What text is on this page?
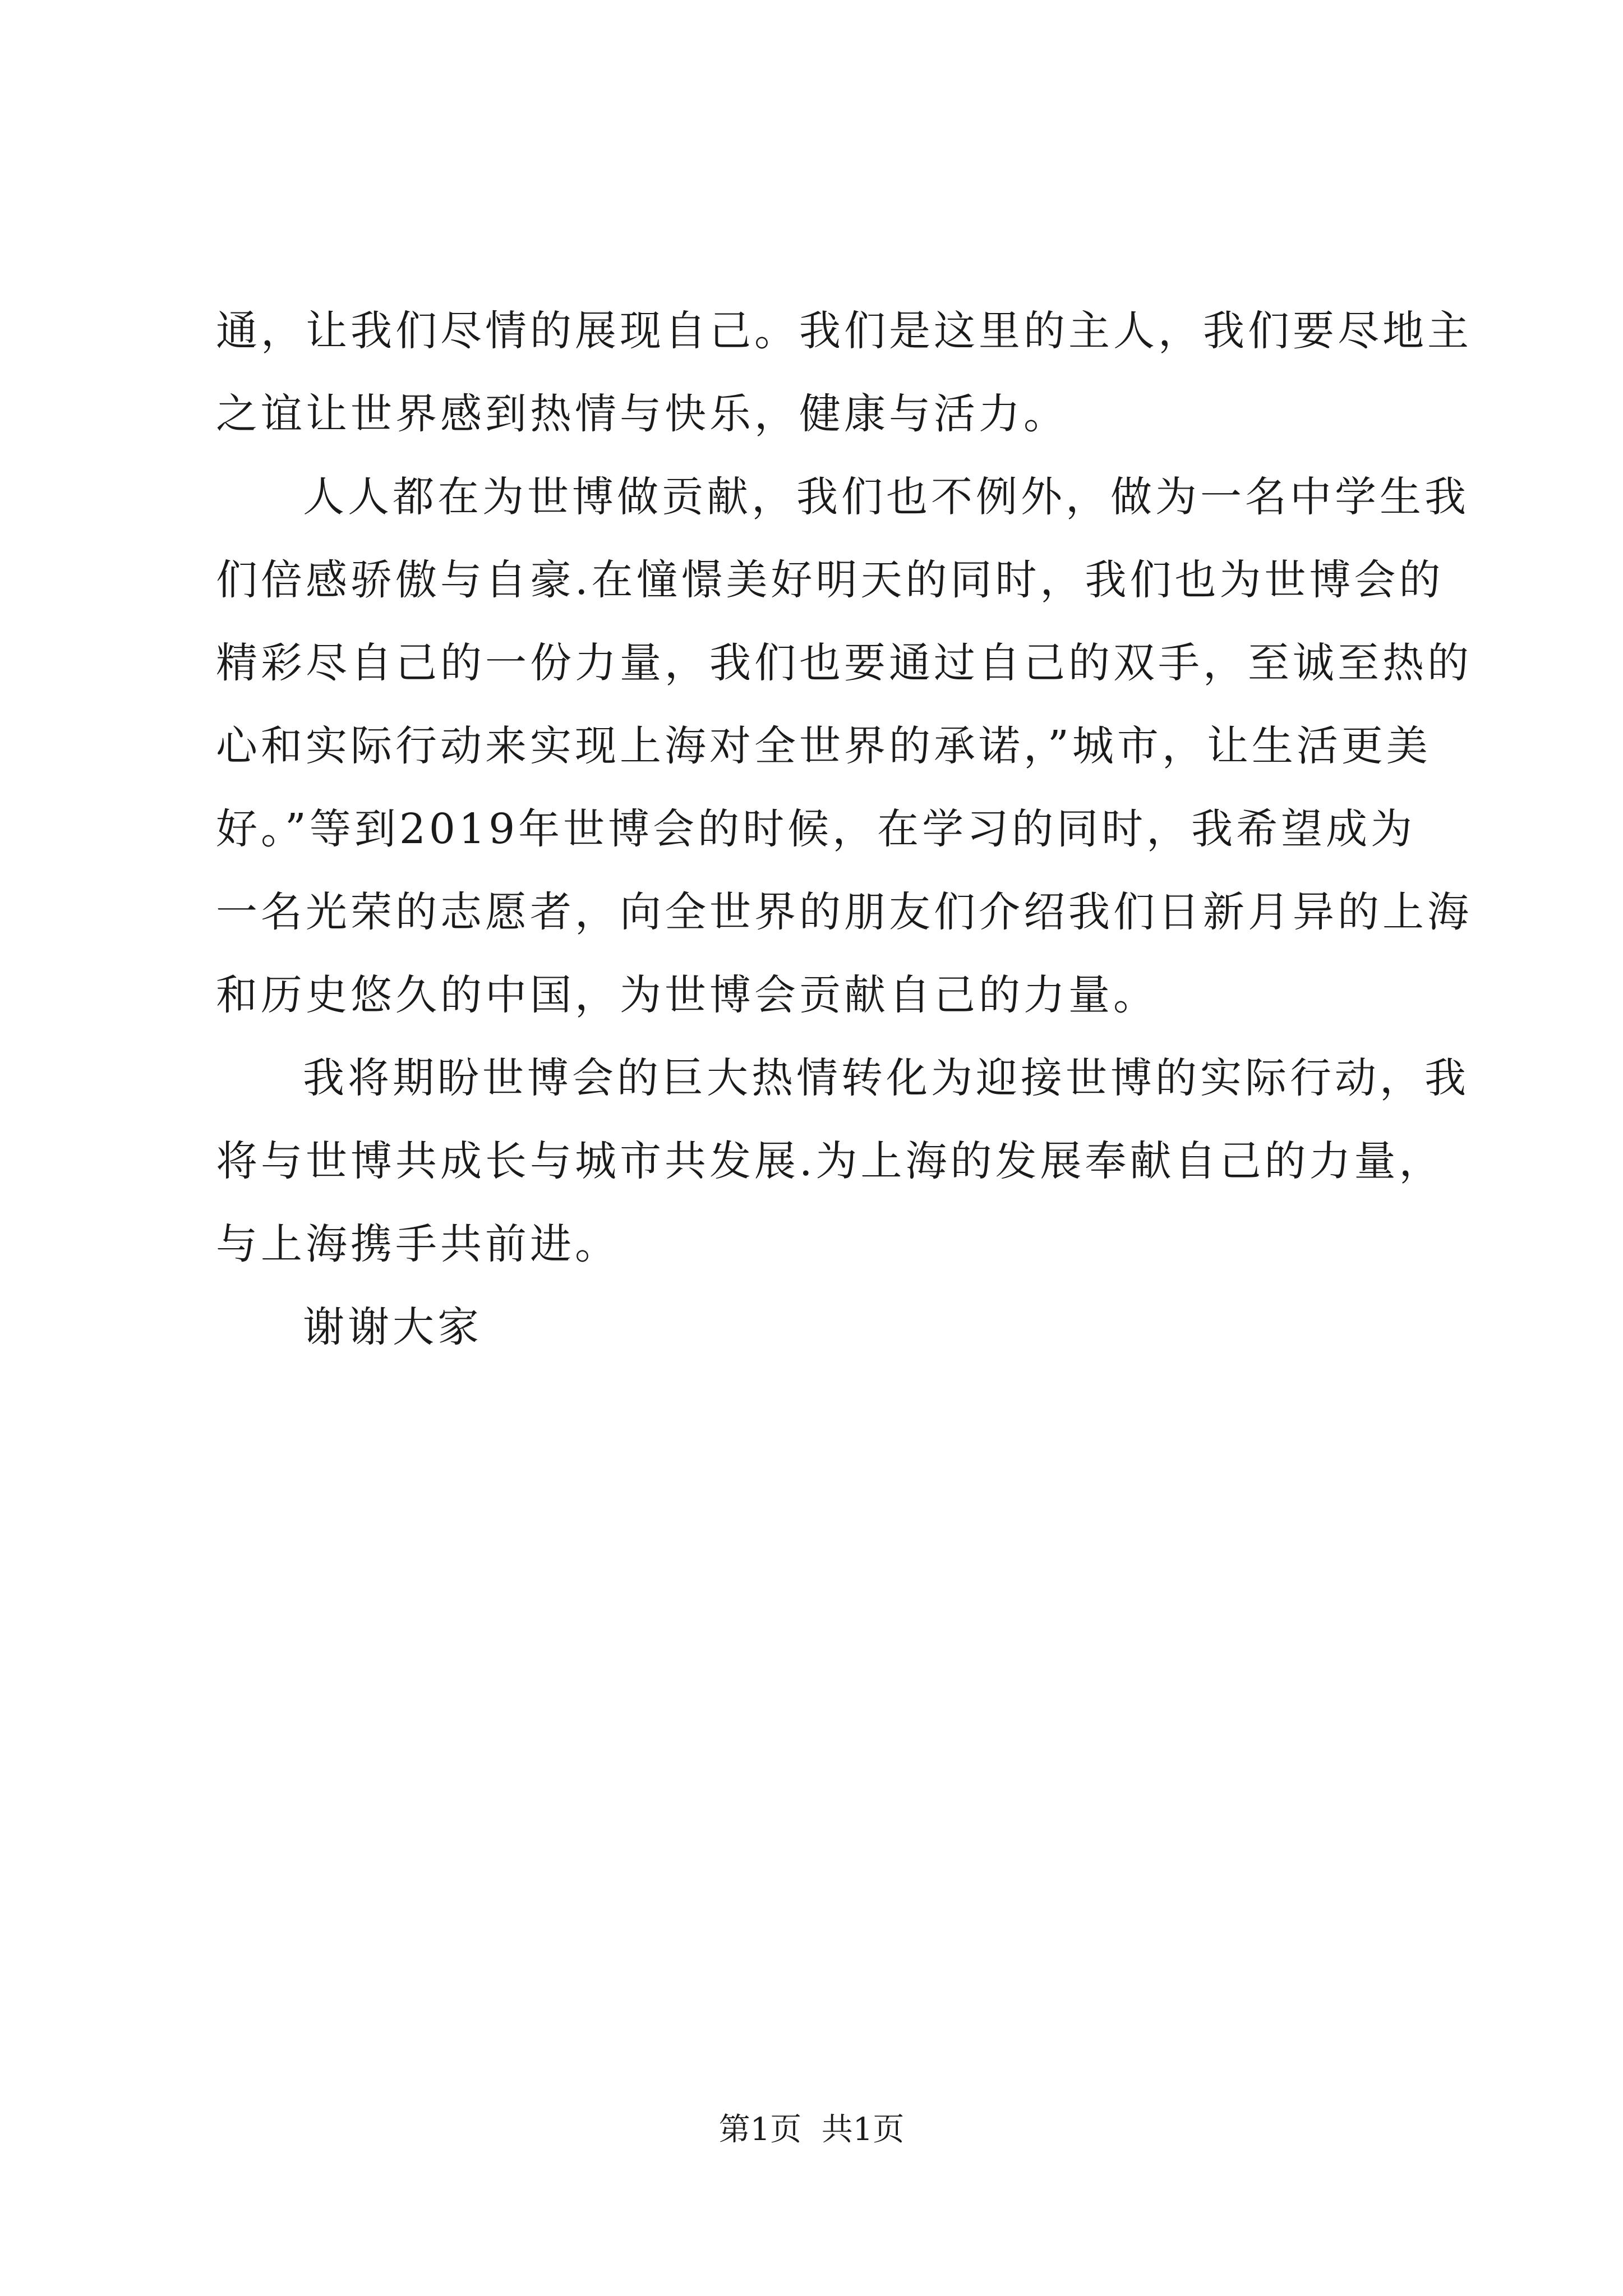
通，让我们尽情的展现自己。我们是这里的主人，我们要尽地主
之谊让世界感到热情与快乐，健康与活力。
人人都在为世博做贡献，我们也不例外，做为一名中学生我
们倍感骄傲与自豪.在憧憬美好明天的同时，我们也为世博会的
精彩尽自己的一份力量，我们也要通过自己的双手，至诚至热的
心和实际行动来实现上海对全世界的承诺，”城市，让生活更美
好。”等到2019年世博会的时候，在学习的同时，我希望成为
一名光荣的志愿者，向全世界的朋友们介绍我们日新月异的上海
和历史悠久的中国，为世博会贡献自己的力量。
我将期盼世博会的巨大热情转化为迎接世博的实际行动，我
将与世博共成长与城市共发展.为上海的发展奉献自己的力量，
与上海携手共前进。
谢谢大家
第1页  共1页
